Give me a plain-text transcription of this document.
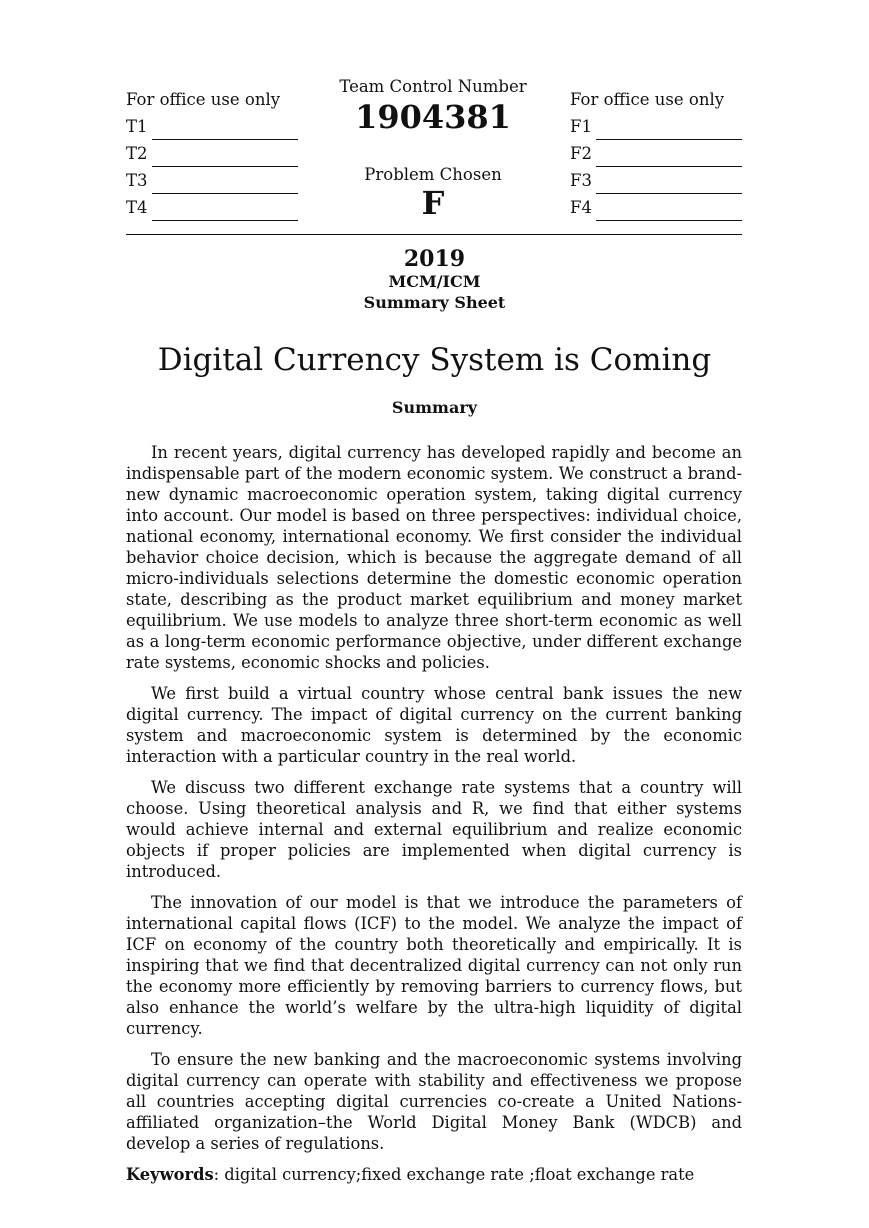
For office use only
T1
T2
T3
T4
Team Control Number
1904381
Problem Chosen
F
For office use only
F1
F2
F3
F4
2019
MCM/ICM
Summary Sheet
Digital Currency System is Coming
Summary

In recent years, digital currency has developed rapidly and become an indispensable part of the modern economic system. We construct a brand-new dynamic macroeconomic operation system, taking digital currency into account. Our model is based on three perspectives: individual choice, national economy, international economy. We first consider the individual behavior choice decision, which is because the aggregate demand of all micro-individuals selections determine the domestic economic operation state, describing as the product market equilibrium and money market equilibrium. We use models to analyze three short-term economic as well as a long-term economic performance objective, under different exchange rate systems, economic shocks and policies.

We first build a virtual country whose central bank issues the new digital currency. The impact of digital currency on the current banking system and macroeconomic system is determined by the economic interaction with a particular country in the real world.

We discuss two different exchange rate systems that a country will choose. Using theoretical analysis and R, we find that either systems would achieve internal and external equilibrium and realize economic objects if proper policies are implemented when digital currency is introduced.

The innovation of our model is that we introduce the parameters of international capital flows (ICF) to the model. We analyze the impact of ICF on economy of the country both theoretically and empirically. It is inspiring that we find that decentralized digital currency can not only run the economy more efficiently by removing barriers to currency flows, but also enhance the world’s welfare by the ultra-high liquidity of digital currency.

To ensure the new banking and the macroeconomic systems involving digital currency can operate with stability and effectiveness we propose all countries accepting digital currencies co-create a United Nations-affiliated organization–the World Digital Money Bank (WDCB) and develop a series of regulations.

Keywords: digital currency;fixed exchange rate ;float exchange rate
